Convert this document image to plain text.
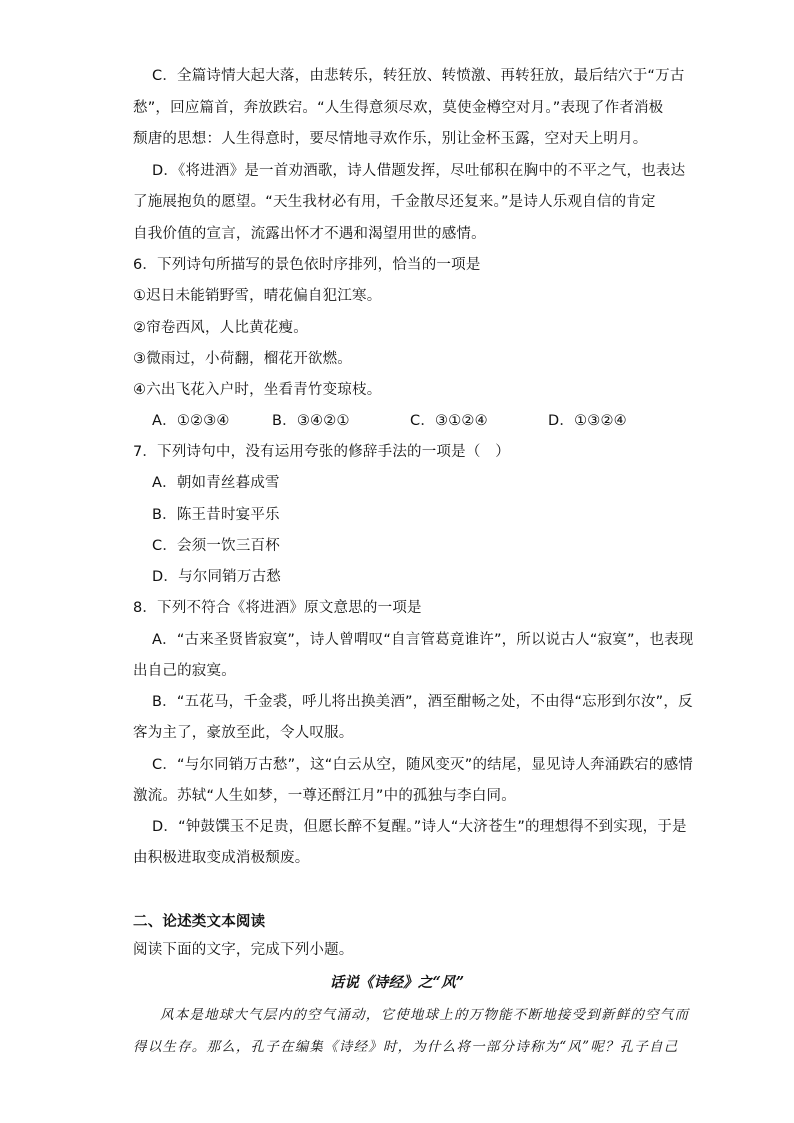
C．全篇诗情大起大落，由悲转乐，转狂放、转愤激、再转狂放，最后结穴于“万古
愁”，回应篇首，奔放跌宕。“人生得意须尽欢，莫使金樽空对月。”表现了作者消极
颓唐的思想：人生得意时，要尽情地寻欢作乐，别让金杯玉露，空对天上明月。
D．《将进酒》是一首劝酒歌，诗人借题发挥，尽吐郁积在胸中的不平之气，也表达
了施展抱负的愿望。“天生我材必有用，千金散尽还复来。”是诗人乐观自信的肯定
自我价值的宣言，流露出怀才不遇和渴望用世的感情。
6．下列诗句所描写的景色依时序排列，恰当的一项是
①迟日未能销野雪，晴花偏自犯江寒。
②帘卷西风，人比黄花瘦。
③微雨过，小荷翻，榴花开欲燃。
④六出飞花入户时，坐看青竹变琼枝。
A．①②③④	B．③④②①	C．③①②④	D．①③②④
7．下列诗句中，没有运用夸张的修辞手法的一项是（　）
A．朝如青丝暮成雪
B．陈王昔时宴平乐
C．会须一饮三百杯
D．与尔同销万古愁
8．下列不符合《将进酒》原文意思的一项是
A．“古来圣贤皆寂寞”，诗人曾喟叹“自言管葛竟谁许”，所以说古人“寂寞”，也表现
出自己的寂寞。
B．“五花马，千金裘，呼儿将出换美酒”，酒至酣畅之处，不由得“忘形到尔汝”，反
客为主了，豪放至此，令人叹服。
C．“与尔同销万古愁”，这“白云从空，随风变灭”的结尾，显见诗人奔涌跌宕的感情
激流。苏轼“人生如梦，一尊还酹江月”中的孤独与李白同。
D．“钟鼓馔玉不足贵，但愿长醉不复醒。”诗人“大济苍生”的理想得不到实现，于是
由积极进取变成消极颓废。
二、论述类文本阅读
阅读下面的文字，完成下列小题。
话说《诗经》之“风”
风本是地球大气层内的空气涌动，它使地球上的万物能不断地接受到新鲜的空气而
得以生存。那么，孔子在编集《诗经》时，为什么将一部分诗称为“风”呢？孔子自己
